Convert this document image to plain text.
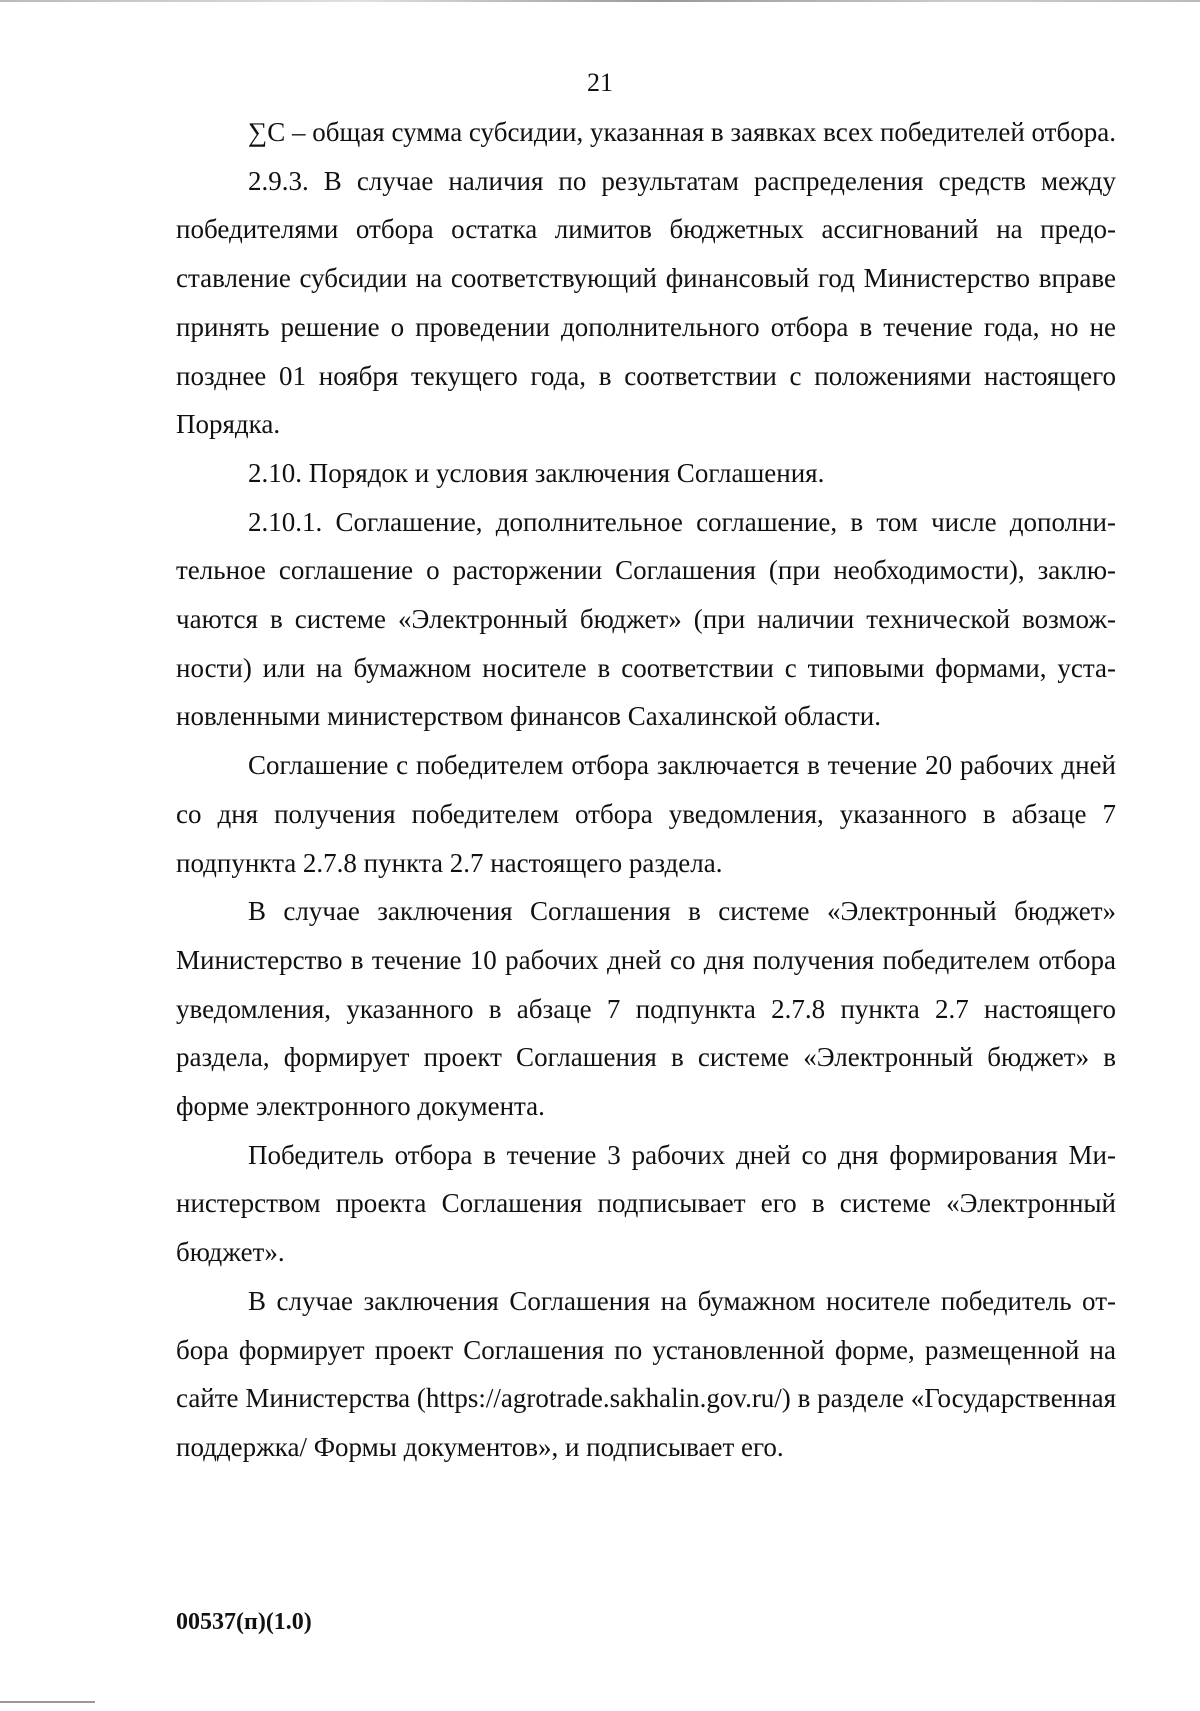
21

∑С – общая сумма субсидии, указанная в заявках всех победителей отбора.

2.9.3. В случае наличия по результатам распределения средств между победителями отбора остатка лимитов бюджетных ассигнований на предоставление субсидии на соответствующий финансовый год Министерство вправе принять решение о проведении дополнительного отбора в течение года, но не позднее 01 ноября текущего года, в соответствии с положениями настоящего Порядка.

2.10. Порядок и условия заключения Соглашения.

2.10.1. Соглашение, дополнительное соглашение, в том числе дополнительное соглашение о расторжении Соглашения (при необходимости), заключаются в системе «Электронный бюджет» (при наличии технической возможности) или на бумажном носителе в соответствии с типовыми формами, установленными министерством финансов Сахалинской области.

Соглашение с победителем отбора заключается в течение 20 рабочих дней со дня получения победителем отбора уведомления, указанного в абзаце 7 подпункта 2.7.8 пункта 2.7 настоящего раздела.

В случае заключения Соглашения в системе «Электронный бюджет» Министерство в течение 10 рабочих дней со дня получения победителем отбора уведомления, указанного в абзаце 7 подпункта 2.7.8 пункта 2.7 настоящего раздела, формирует проект Соглашения в системе «Электронный бюджет» в форме электронного документа.

Победитель отбора в течение 3 рабочих дней со дня формирования Министерством проекта Соглашения подписывает его в системе «Электронный бюджет».

В случае заключения Соглашения на бумажном носителе победитель отбора формирует проект Соглашения по установленной форме, размещенной на сайте Министерства (https://agrotrade.sakhalin.gov.ru/) в разделе «Государственная поддержка/ Формы документов», и подписывает его.

00537(п)(1.0)
